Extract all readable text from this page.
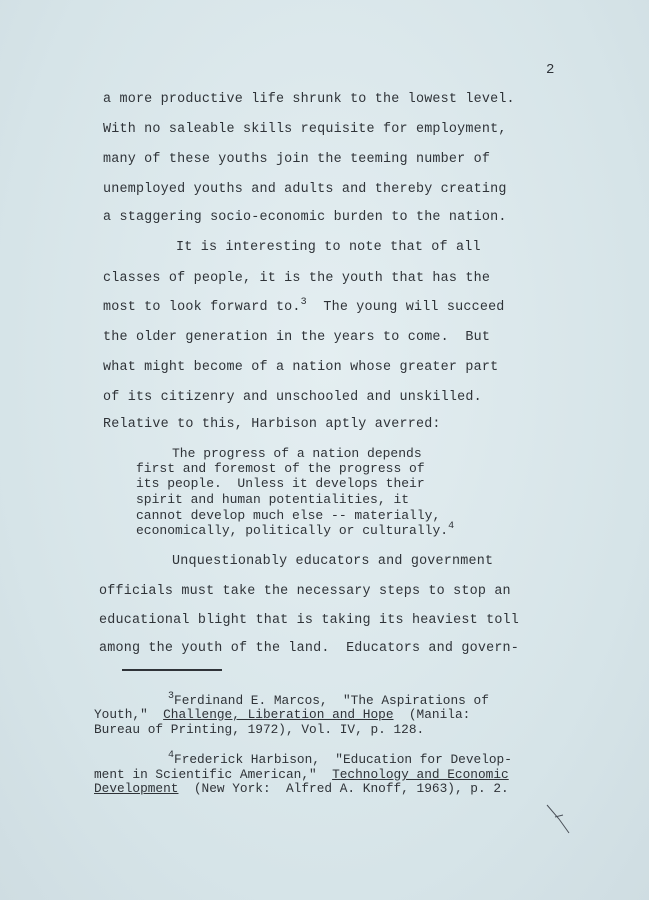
2
a more productive life shrunk to the lowest level.
With no saleable skills requisite for employment,
many of these youths join the teeming number of
unemployed youths and adults and thereby creating
a staggering socio-economic burden to the nation.
It is interesting to note that of all
classes of people, it is the youth that has the
most to look forward to.$^3$ The young will succeed
the older generation in the years to come.  But
what might become of a nation whose greater part
of its citizenry and unschooled and unskilled.
Relative to this, Harbison aptly averred:
The progress of a nation depends
first and foremost of the progress of
its people.  Unless it develops their
spirit and human potentialities, it
cannot develop much else -- materially,
economically, politically or culturally.$^4$
Unquestionably educators and government
officials must take the necessary steps to stop an
educational blight that is taking its heaviest toll
among the youth of the land.  Educators and govern-
$^3$Ferdinand E. Marcos,  "The Aspirations of
Youth,"  Challenge, Liberation and Hope  (Manila:
Bureau of Printing, 1972), Vol. IV, p. 128.
$^4$Frederick Harbison,  "Education for Develop-
ment in Scientific American,"  Technology and Economic
Development  (New York:  Alfred A. Knoff, 1963), p. 2.
